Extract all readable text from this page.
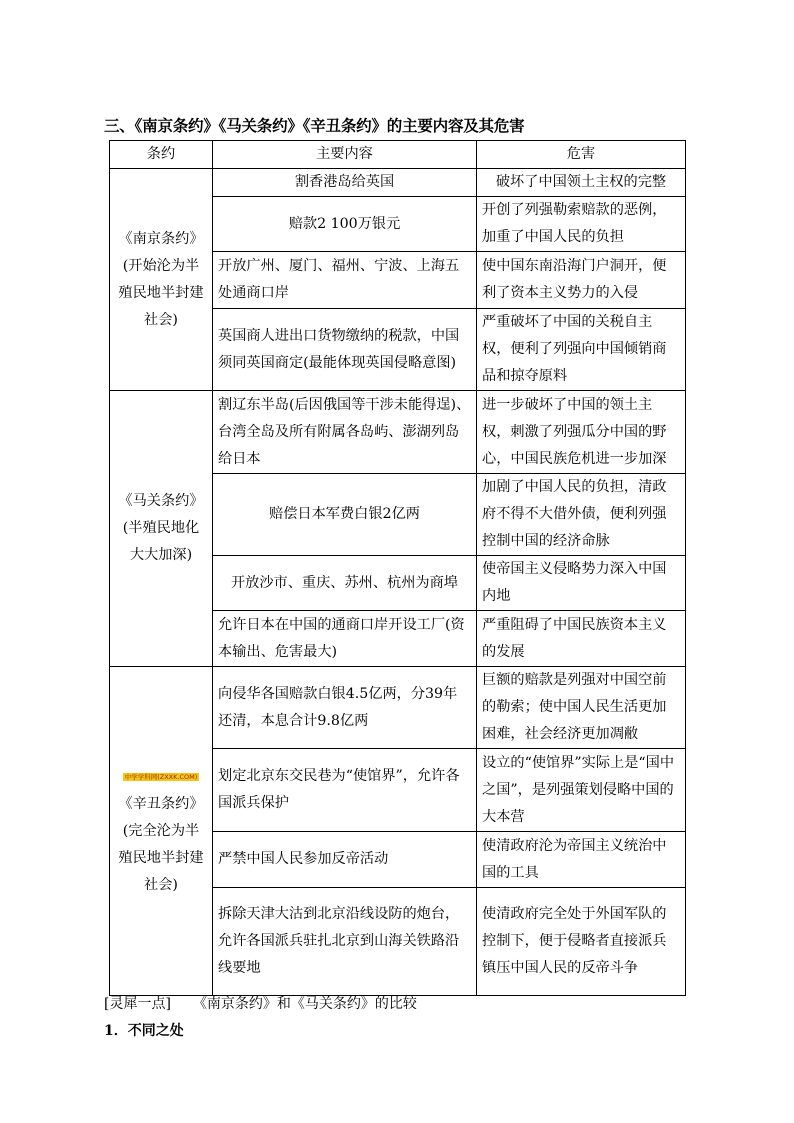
三、《南京条约》《马关条约》《辛丑条约》的主要内容及其危害
条约	主要内容	危害
《南京条约》(开始沦为半殖民地半封建社会)	割香港岛给英国	破坏了中国领土主权的完整
	赔款2 100万银元	开创了列强勒索赔款的恶例，加重了中国人民的负担
	开放广州、厦门、福州、宁波、上海五处通商口岸	使中国东南沿海门户洞开，便利了资本主义势力的入侵
	英国商人进出口货物缴纳的税款，中国须同英国商定(最能体现英国侵略意图)	严重破坏了中国的关税自主权，便利了列强向中国倾销商品和掠夺原料
《马关条约》(半殖民地化大大加深)	割辽东半岛(后因俄国等干涉未能得逞)、台湾全岛及所有附属各岛屿、澎湖列岛给日本	进一步破坏了中国的领土主权，刺激了列强瓜分中国的野心，中国民族危机进一步加深
	赔偿日本军费白银2亿两	加剧了中国人民的负担，清政府不得不大借外债，便利列强控制中国的经济命脉
	开放沙市、重庆、苏州、杭州为商埠	使帝国主义侵略势力深入中国内地
	允许日本在中国的通商口岸开设工厂(资本输出、危害最大)	严重阻碍了中国民族资本主义的发展
中学学科网(ZXXK.COM)《辛丑条约》(完全沦为半殖民地半封建社会)	向侵华各国赔款白银4.5亿两，分39年还清，本息合计9.8亿两	巨额的赔款是列强对中国空前的勒索；使中国人民生活更加困难，社会经济更加凋敝
	划定北京东交民巷为“使馆界”，允许各国派兵保护	设立的“使馆界”实际上是“国中之国”，是列强策划侵略中国的大本营
	严禁中国人民参加反帝活动	使清政府沦为帝国主义统治中国的工具
	拆除天津大沽到北京沿线设防的炮台，允许各国派兵驻扎北京到山海关铁路沿线要地	使清政府完全处于外国军队的控制下，便于侵略者直接派兵镇压中国人民的反帝斗争
[灵犀一点] 《南京条约》和《马关条约》的比较
1．不同之处
